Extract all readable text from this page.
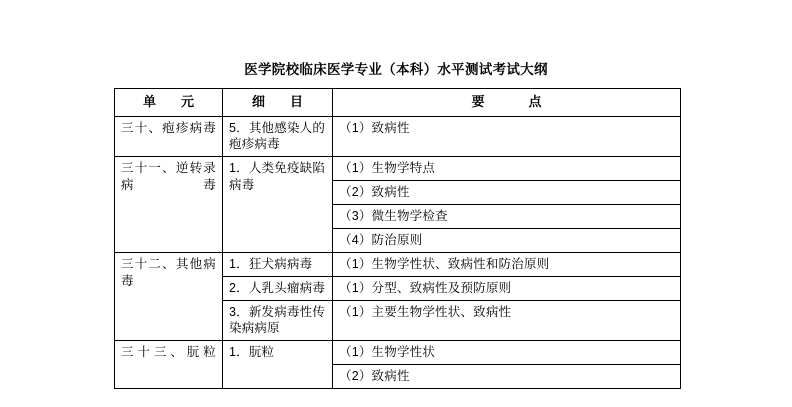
医学院校临床医学专业（本科）水平测试考试大纲
单　元	细　目	要　　点
三十、疱疹病毒	5．其他感染人的疱疹病毒	（1）致病性
三十一、逆转录病毒	1．人类免疫缺陷病毒	（1）生物学特点
		（2）致病性
		（3）微生物学检查
		（4）防治原则
三十二、其他病毒	1．狂犬病病毒	（1）生物学性状、致病性和防治原则
	2．人乳头瘤病毒	（1）分型、致病性及预防原则
	3．新发病毒性传染病病原	（1）主要生物学性状、致病性
三十三、朊粒	1．朊粒	（1）生物学性状
		（2）致病性
